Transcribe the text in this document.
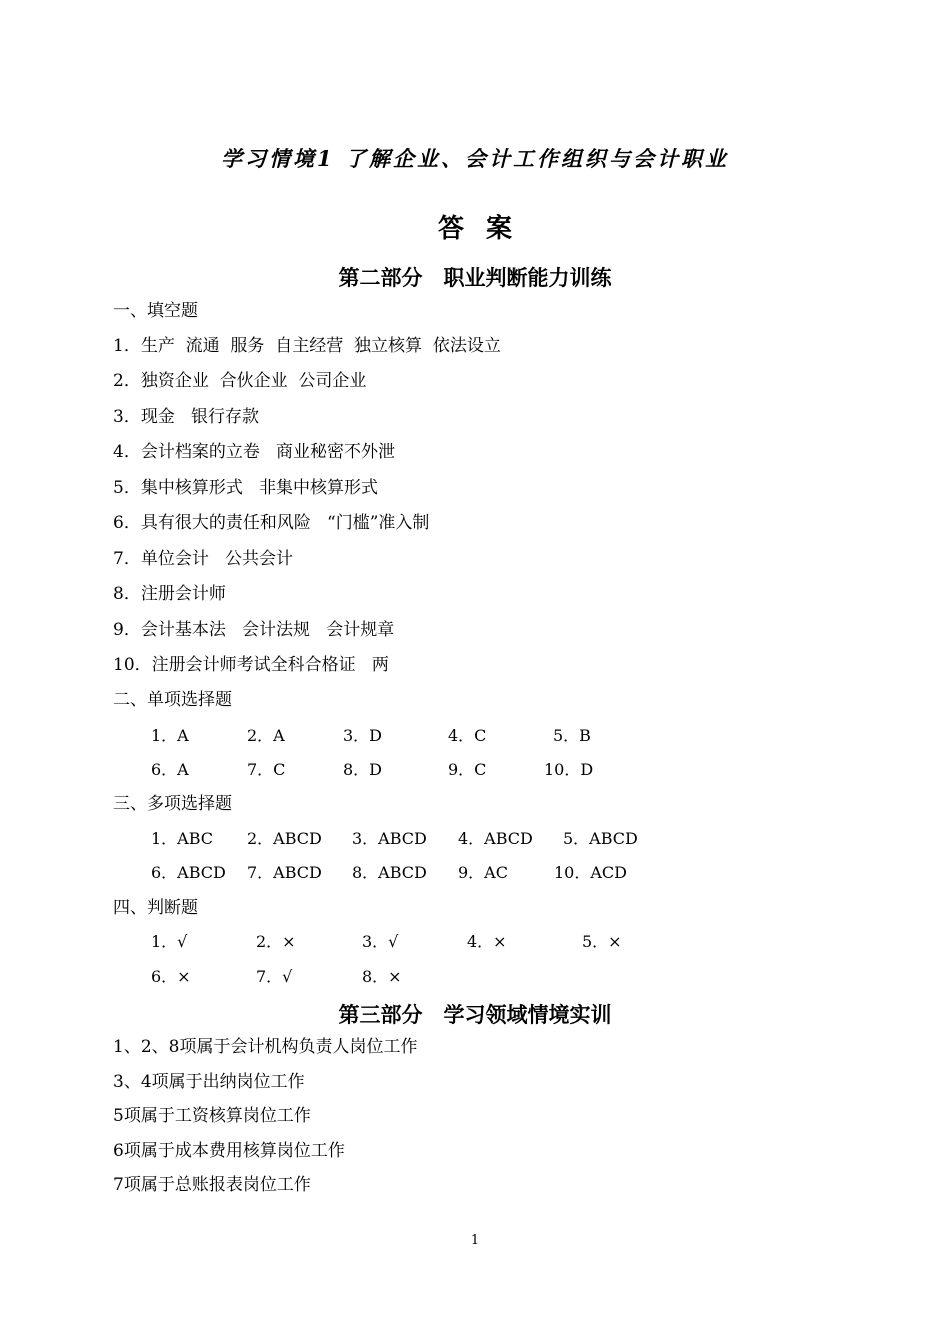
学习情境1 了解企业、会计工作组织与会计职业
答案
第二部分　职业判断能力训练
一、填空题
1．生产  流通  服务  自主经营  独立核算  依法设立
2．独资企业  合伙企业  公司企业
3．现金   银行存款
4．会计档案的立卷   商业秘密不外泄
5．集中核算形式   非集中核算形式
6．具有很大的责任和风险   “门槛”准入制
7．单位会计   公共会计
8．注册会计师
9．会计基本法   会计法规   会计规章
10．注册会计师考试全科合格证   两
二、单项选择题
1．A	2．A	3．D	4．C	5．B
6．A	7．C	8．D	9．C	10．D
三、多项选择题
1．ABC 2．ABCD 3．ABCD 4．ABCD 5．ABCD
6．ABCD 7．ABCD 8．ABCD 9．AC	10．ACD
四、判断题
1．√	2．×	3．√	4．×	5．×
6．×	7．√	8．×
第三部分　学习领域情境实训
1、2、8项属于会计机构负责人岗位工作
3、4项属于出纳岗位工作
5项属于工资核算岗位工作
6项属于成本费用核算岗位工作
7项属于总账报表岗位工作
1
